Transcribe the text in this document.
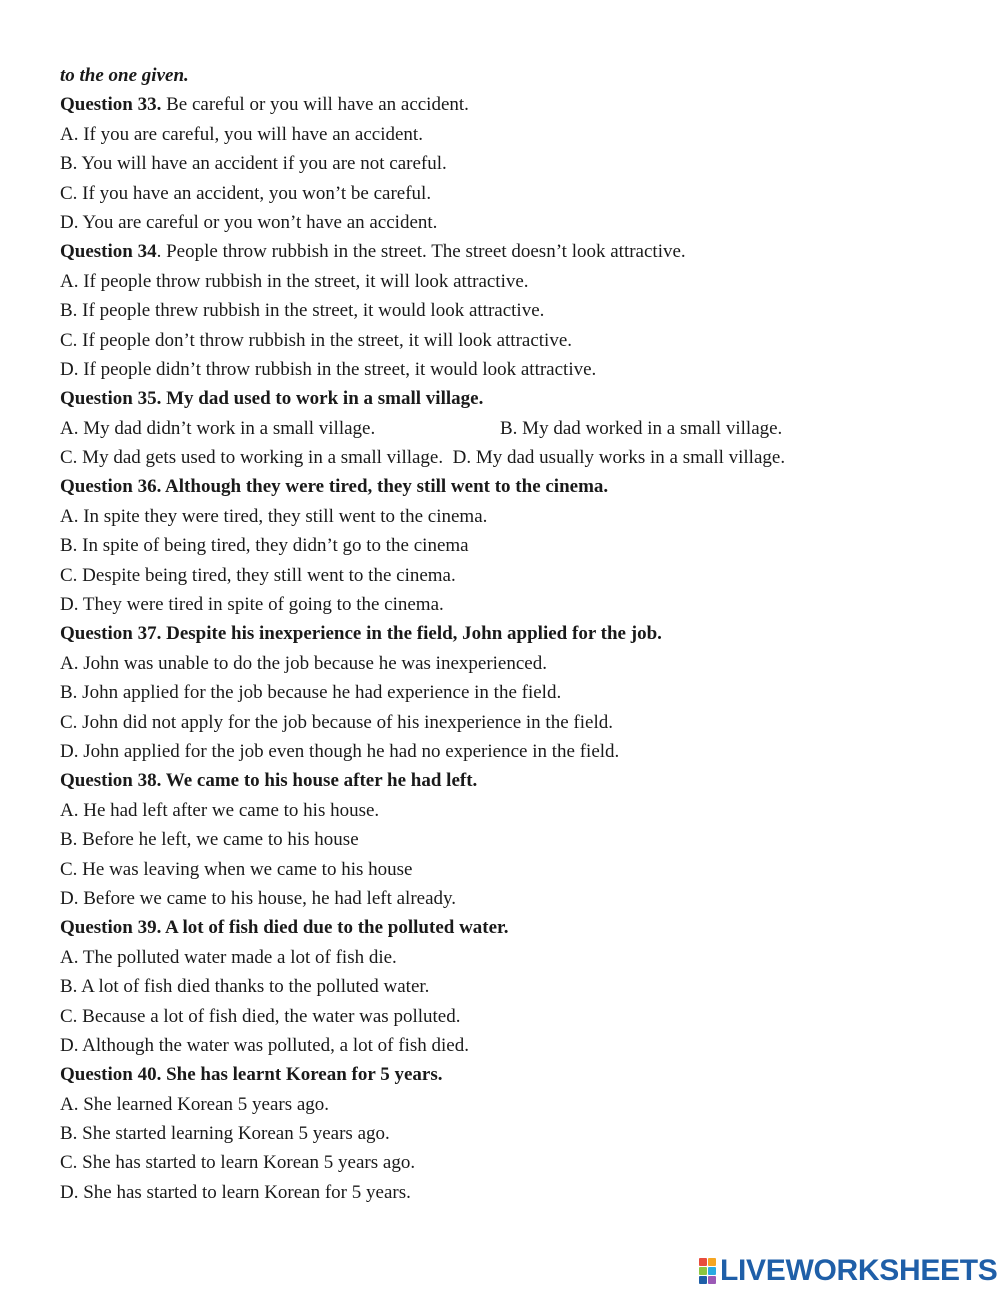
to the one given.
Question 33. Be careful or you will have an accident.
A. If you are careful, you will have an accident.
B. You will have an accident if you are not careful.
C. If you have an accident, you won’t be careful.
D. You are careful or you won’t have an accident.
Question 34. People throw rubbish in the street. The street doesn’t look attractive.
A. If people throw rubbish in the street, it will look attractive.
B. If people threw rubbish in the street, it would look attractive.
C. If people don’t throw rubbish in the street, it will look attractive.
D. If people didn’t throw rubbish in the street, it would look attractive.
Question 35. My dad used to work in a small village.
A. My dad didn’t work in a small village.	B. My dad worked in a small village.
C. My dad gets used to working in a small village. D. My dad usually works in a small village.
Question 36. Although they were tired, they still went to the cinema.
A. In spite they were tired, they still went to the cinema.
B. In spite of being tired, they didn’t go to the cinema
C. Despite being tired, they still went to the cinema.
D. They were tired in spite of going to the cinema.
Question 37. Despite his inexperience in the field, John applied for the job.
A. John was unable to do the job because he was inexperienced.
B. John applied for the job because he had experience in the field.
C. John did not apply for the job because of his inexperience in the field.
D. John applied for the job even though he had no experience in the field.
Question 38. We came to his house after he had left.
A. He had left after we came to his house.
B. Before he left, we came to his house
C. He was leaving when we came to his house
D. Before we came to his house, he had left already.
Question 39. A lot of fish died due to the polluted water.
A. The polluted water made a lot of fish die.
B. A lot of fish died thanks to the polluted water.
C. Because a lot of fish died, the water was polluted.
D. Although the water was polluted, a lot of fish died.
Question 40. She has learnt Korean for 5 years.
A. She learned Korean 5 years ago.
B. She started learning Korean 5 years ago.
C. She has started to learn Korean 5 years ago.
D. She has started to learn Korean for 5 years.
LIVEWORKSHEETS
